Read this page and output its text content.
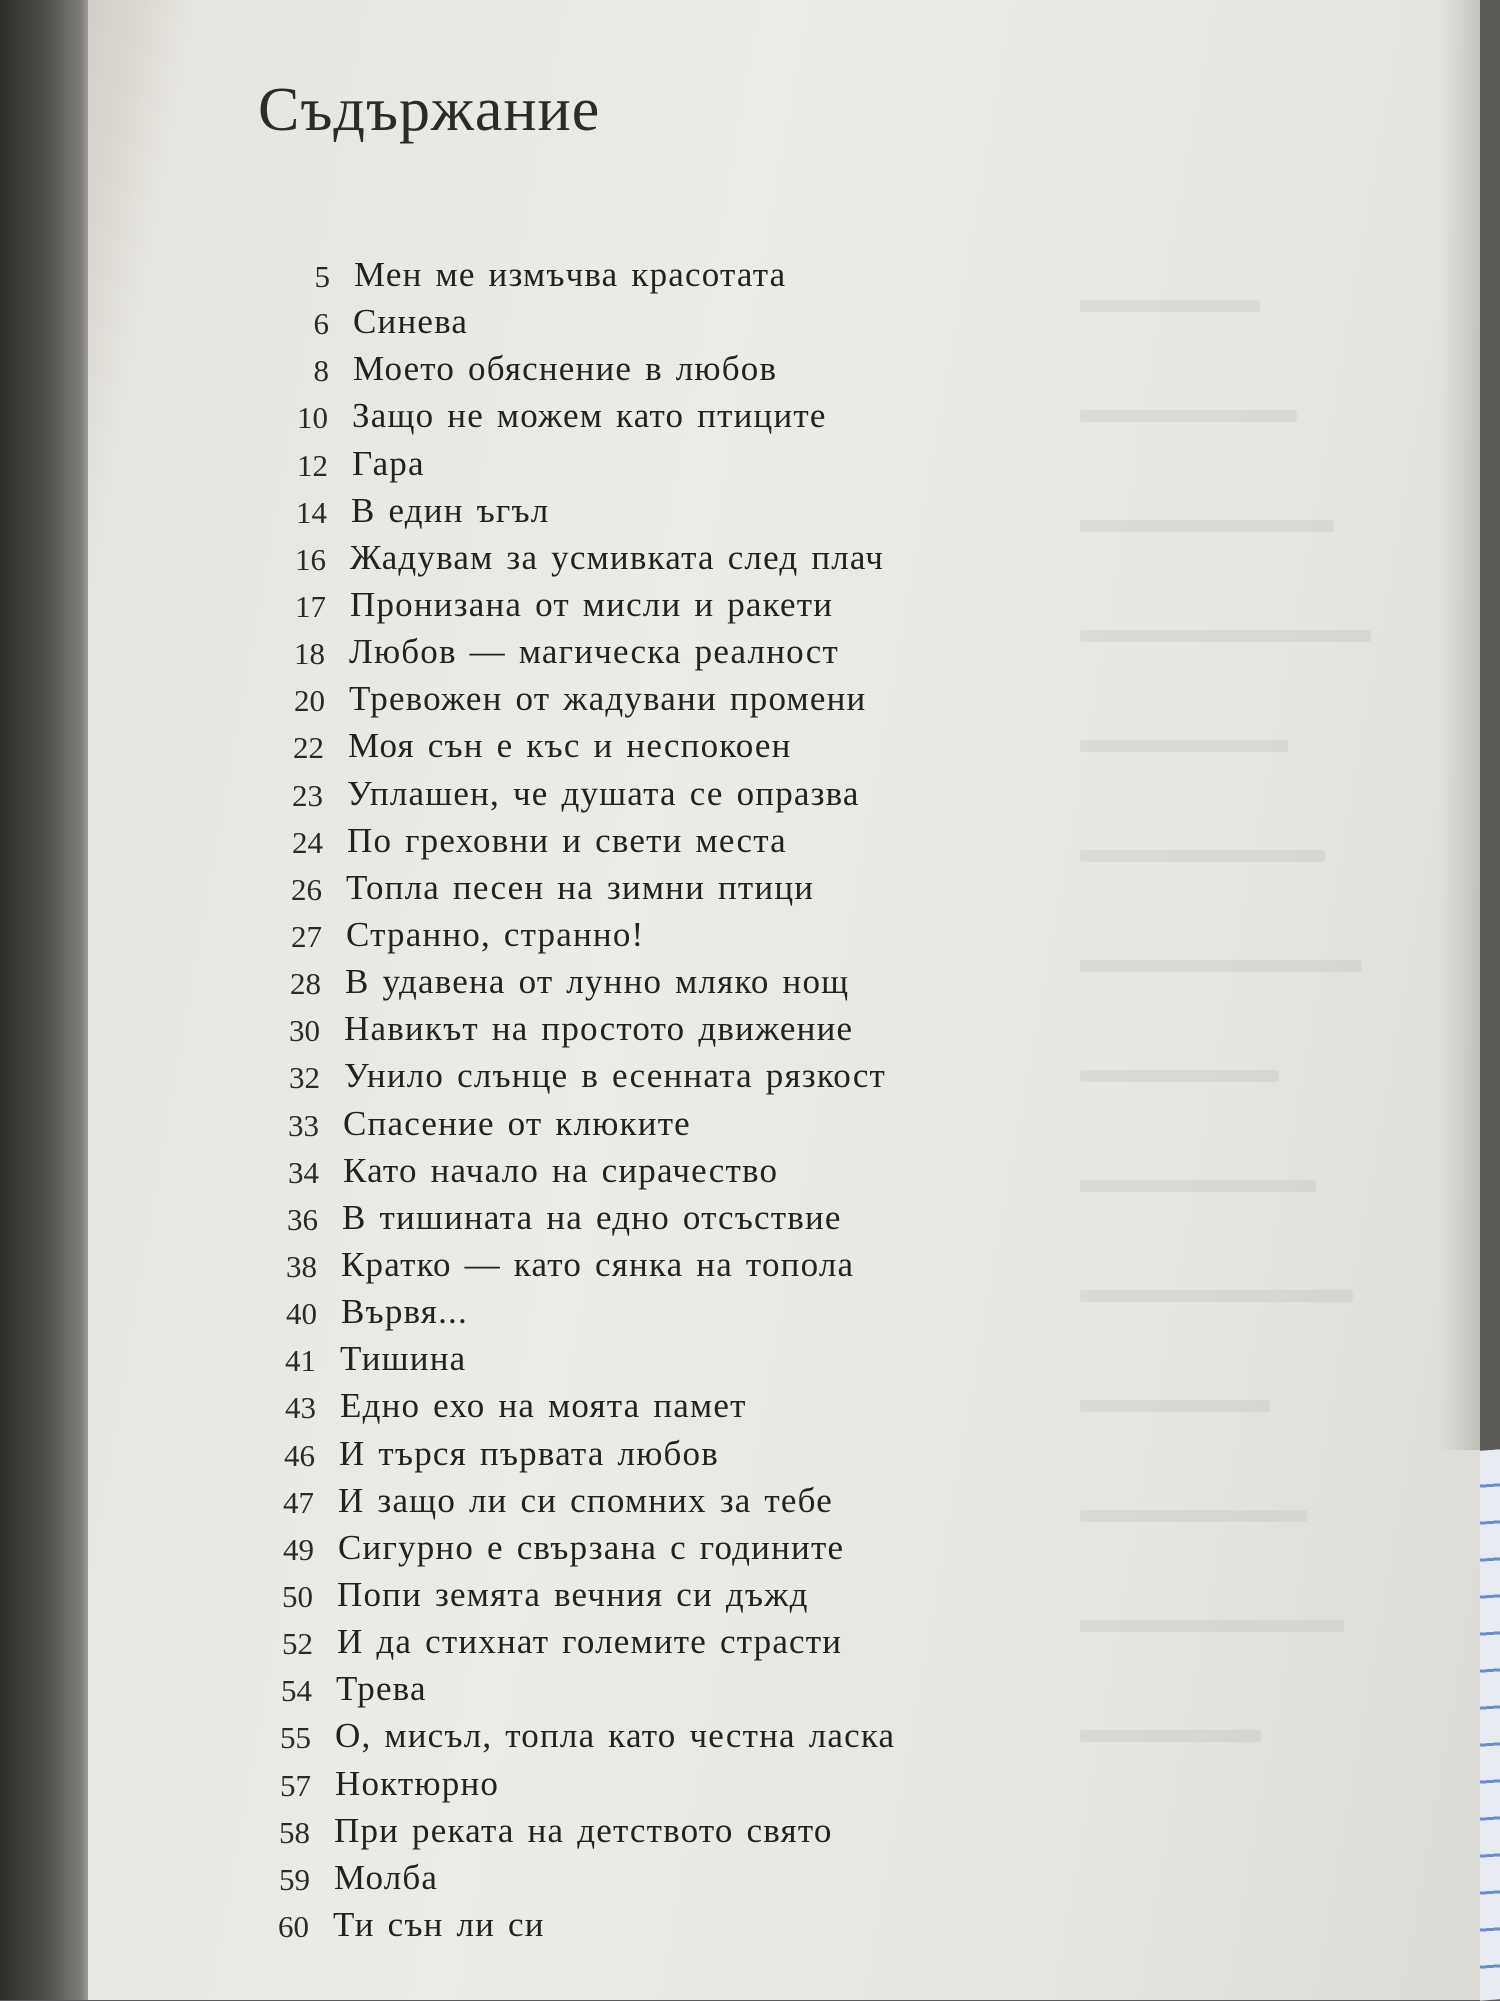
Съдържание
5 Мен ме измъчва красотата
6 Синева
8 Моето обяснение в любов
10 Защо не можем като птиците
12 Гара
14 В един ъгъл
16 Жадувам за усмивката след плач
17 Пронизана от мисли и ракети
18 Любов — магическа реалност
20 Тревожен от жадувани промени
22 Моя сън е къс и неспокоен
23 Уплашен, че душата се опразва
24 По греховни и свети места
26 Топла песен на зимни птици
27 Странно, странно!
28 В удавена от лунно мляко нощ
30 Навикът на простото движение
32 Унило слънце в есенната рязкост
33 Спасение от клюките
34 Като начало на сирачество
36 В тишината на едно отсъствие
38 Кратко — като сянка на топола
40 Вървя...
41 Тишина
43 Едно ехо на моята памет
46 И търся първата любов
47 И защо ли си спомних за тебе
49 Сигурно е свързана с годините
50 Попи земята вечния си дъжд
52 И да стихнат големите страсти
54 Трева
55 О, мисъл, топла като честна ласка
57 Ноктюрно
58 При реката на детството свято
59 Молба
60 Ти сън ли си
